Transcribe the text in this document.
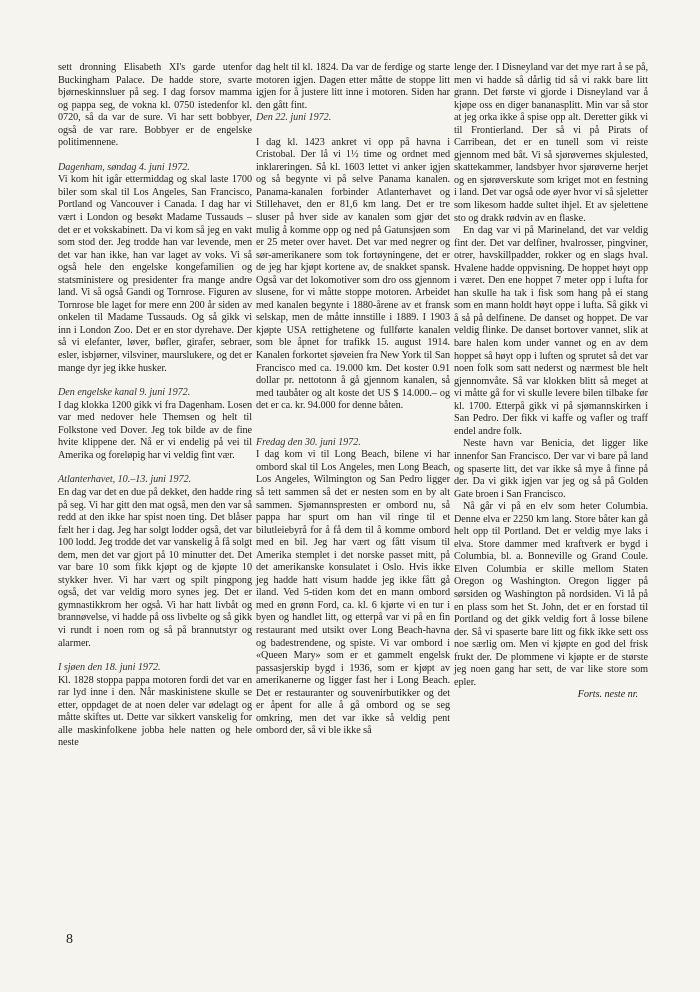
sett dronning Elisabeth XI's garde utenfor Buckingham Palace. De hadde store, svarte bjørneskinnsluer på seg. I dag forsov mamma og pappa seg, de vokna kl. 0750 istedenfor kl. 0720, så da var de sure. Vi har sett bobbyer, også de var rare. Bobbyer er de engelske politimennene.

Dagenham, søndag 4. juni 1972.

Vi kom hit igår ettermiddag og skal laste 1700 biler som skal til Los Angeles, San Francisco, Portland og Vancouver i Canada. I dag har vi vært i London og besøkt Madame Tussauds – det er et vokskabinett. Da vi kom så jeg en vakt som stod der. Jeg trodde han var levende, men det var han ikke, han var laget av voks. Vi så også hele den engelske kongefamilien og statsministere og presidenter fra mange andre land. Vi så også Gandi og Tornrose. Figuren av Tornrose ble laget for mere enn 200 år siden av onkelen til Madame Tussauds. Og så gikk vi inn i London Zoo. Det er en stor dyrehave. Der så vi elefanter, løver, bøfler, girafer, sebraer, esler, isbjørner, vilsviner, maurslukere, og det er mange dyr jeg ikke husker.

Den engelske kanal 9. juni 1972.

I dag klokka 1200 gikk vi fra Dagenham. Losen var med nedover hele Themsen og helt til Folkstone ved Dover. Jeg tok bilde av de fine hvite klippene der. Nå er vi endelig på vei til Amerika og foreløpig har vi veldig fint vær.

Atlanterhavet, 10.–13. juni 1972.

En dag var det en due på dekket, den hadde ring på seg. Vi har gitt den mat også, men den var så redd at den ikke har spist noen ting. Det blåser fælt her i dag. Jeg har solgt lodder også, det var 100 lodd. Jeg trodde det var vanskelig å få solgt dem, men det var gjort på 10 minutter det. Det var bare 10 som fikk kjøpt og de kjøpte 10 stykker hver. Vi har vært og spilt pingpong også, det var veldig moro synes jeg. Det er gymnastikkrom her også. Vi har hatt livbåt og brannøvelse, vi hadde på oss livbelte og så gikk vi rundt i noen rom og så på brannutstyr og alarmer.

I sjøen den 18. juni 1972.

Kl. 1828 stoppa pappa motoren fordi det var en rar lyd inne i den. Når maskinistene skulle se etter, oppdaget de at noen deler var ødelagt og måtte skiftes ut. Dette var sikkert vanskelig for alle maskinfolkene jobba hele natten og hele neste

dag helt til kl. 1824. Da var de ferdige og starte motoren igjen. Dagen etter måtte de stoppe litt igjen for å justere litt inne i motoren. Siden har den gått fint.

Den 22. juni 1972.

I dag kl. 1423 ankret vi opp på havna i Cristobal. Der lå vi 1½ time og ordnet med inklareringen. Så kl. 1603 lettet vi anker igjen og så begynte vi på selve Panama kanalen. Panama-kanalen forbinder Atlanterhavet og Stillehavet, den er 81,6 km lang. Det er tre sluser på hver side av kanalen som gjør det mulig å komme opp og ned på Gatunsjøen som er 25 meter over havet. Det var med negrer og sør-amerikanere som tok fortøyningene, det er de jeg har kjøpt kortene av, de snakket spansk. Også var det lokomotiver som dro oss gjennom slusene, for vi måtte stoppe motoren. Arbeidet med kanalen begynte i 1880-årene av et fransk selskap, men de måtte innstille i 1889. I 1903 kjøpte USA rettighetene og fullførte kanalen som ble åpnet for trafikk 15. august 1914. Kanalen forkortet sjøveien fra New York til San Francisco med ca. 19.000 km. Det koster 0.91 dollar pr. nettotonn å gå gjennom kanalen, så med taubåter og alt koste det US $ 14.000.– og det er ca. kr. 94.000 for denne båten.

Fredag den 30. juni 1972.

I dag kom vi til Long Beach, bilene vi har ombord skal til Los Angeles, men Long Beach, Los Angeles, Wilmington og San Pedro ligger så tett sammen så det er nesten som en by alt sammen. Sjømannspresten er ombord nu, så pappa har spurt om han vil ringe til et bilutleiebyrå for å få dem til å komme ombord med en bil. Jeg har vært og fått visum til Amerika stemplet i det norske passet mitt, på det amerikanske konsulatet i Oslo. Hvis ikke jeg hadde hatt visum hadde jeg ikke fått gå iland. Ved 5-tiden kom det en mann ombord med en grønn Ford, ca. kl. 6 kjørte vi en tur i byen og handlet litt, og etterpå var vi på en fin restaurant med utsikt over Long Beach-havna og badestrendene, og spiste. Vi var ombord i «Queen Mary» som er et gammelt engelsk passasjerskip bygd i 1936, som er kjøpt av amerikanerne og ligger fast her i Long Beach. Det er restauranter og souvenirbutikker og det er åpent for alle å gå ombord og se seg omkring, men det var ikke så veldig pent ombord der, så vi ble ikke så

lenge der. I Disneyland var det mye rart å se på, men vi hadde så dårlig tid så vi rakk bare litt grann. Det første vi gjorde i Disneyland var å kjøpe oss en diger bananasplitt. Min var så stor at jeg orka ikke å spise opp alt. Deretter gikk vi til Frontierland. Der så vi på Pirats of Carribean, det er en tunell som vi reiste gjennom med båt. Vi så sjørøvernes skjulested, skattekammer, landsbyer hvor sjørøverne herjet og en sjørøverskute som kriget mot en festning i land. Det var også ode øyer hvor vi så sjeletter som likesom hadde sultet ihjel. Et av sjelettene sto og drakk rødvin av en flaske.

En dag var vi på Marineland, det var veldig fint der. Det var delfiner, hvalrosser, pingviner, otrer, havskillpadder, rokker og en slags hval. Hvalene hadde oppvisning. De hoppet høyt opp i været. Den ene hoppet 7 meter opp i lufta for han skulle ha tak i fisk som hang på ei stang som en mann holdt høyt oppe i lufta. Så gikk vi å så på delfinene. De danset og hoppet. De var veldig flinke. De danset bortover vannet, slik at bare halen kom under vannet og en av dem hoppet så høyt opp i luften og sprutet så det var noen folk som satt nederst og nærmest ble helt gjennomvåte. Så var klokken blitt så meget at vi måtte gå for vi skulle levere bilen tilbake før kl. 1700. Etterpå gikk vi på sjømannskirken i San Pedro. Der fikk vi kaffe og vafler og traff endel andre folk.

Neste havn var Benicia, det ligger like innenfor San Francisco. Der var vi bare på land og spaserte litt, det var ikke så mye å finne på der. Da vi gikk igjen var jeg og så på Golden Gate broen i San Francisco.

Nå går vi på en elv som heter Columbia. Denne elva er 2250 km lang. Store båter kan gå helt opp til Portland. Det er veldig mye laks i elva. Store dammer med kraftverk er bygd i Columbia, bl. a. Bonneville og Grand Coule. Elven Columbia er skille mellom Staten Oregon og Washington. Oregon ligger på sørsiden og Washington på nordsiden. Vi lå på en plass som het St. John, det er en forstad til Portland og det gikk veldig fort å losse bilene der. Så vi spaserte bare litt og fikk ikke sett oss noe særlig om. Men vi kjøpte en god del frisk frukt der. De plommene vi kjøpte er de største jeg noen gang har sett, de var like store som epler.

Forts. neste nr.

8
